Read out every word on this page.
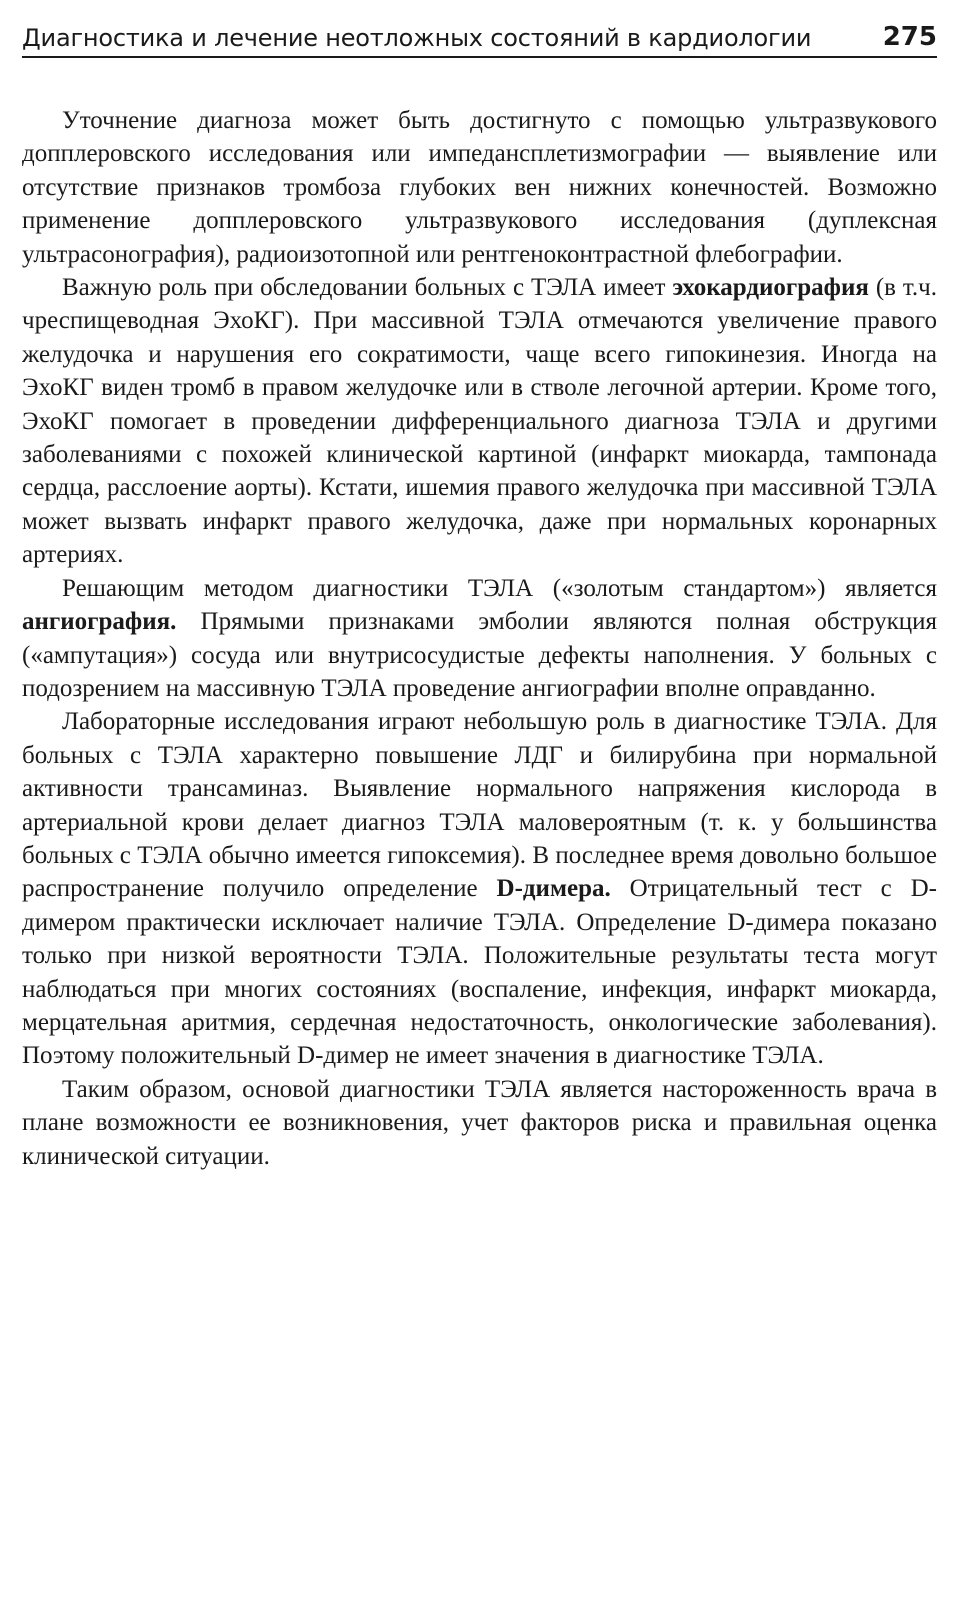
Диагностика и лечение неотложных состояний в кардиологии	275

Уточнение диагноза может быть достигнуто с помощью ультразвукового допплеровского исследования или импедансплетизмографии — выявление или отсутствие признаков тромбоза глубоких вен нижних конечностей. Возможно применение допплеровского ультразвукового исследования (дуплексная ультрасонография), радиоизотопной или рентгеноконтрастной флебографии.

Важную роль при обследовании больных с ТЭЛА имеет эхокардиография (в т.ч. чреспищеводная ЭхоКГ). При массивной ТЭЛА отмечаются увеличение правого желудочка и нарушения его сократимости, чаще всего гипокинезия. Иногда на ЭхоКГ виден тромб в правом желудочке или в стволе легочной артерии. Кроме того, ЭхоКГ помогает в проведении дифференциального диагноза ТЭЛА и другими заболеваниями с похожей клинической картиной (инфаркт миокарда, тампонада сердца, расслоение аорты). Кстати, ишемия правого желудочка при массивной ТЭЛА может вызвать инфаркт правого желудочка, даже при нормальных коронарных артериях.

Решающим методом диагностики ТЭЛА («золотым стандартом») является ангиография. Прямыми признаками эмболии являются полная обструкция («ампутация») сосуда или внутрисосудистые дефекты наполнения. У больных с подозрением на массивную ТЭЛА проведение ангиографии вполне оправданно.

Лабораторные исследования играют небольшую роль в диагностике ТЭЛА. Для больных с ТЭЛА характерно повышение ЛДГ и билирубина при нормальной активности трансаминаз. Выявление нормального напряжения кислорода в артериальной крови делает диагноз ТЭЛА маловероятным (т. к. у большинства больных с ТЭЛА обычно имеется гипоксемия). В последнее время довольно большое распространение получило определение D-димера. Отрицательный тест с D-димером практически исключает наличие ТЭЛА. Определение D-димера показано только при низкой вероятности ТЭЛА. Положительные результаты теста могут наблюдаться при многих состояниях (воспаление, инфекция, инфаркт миокарда, мерцательная аритмия, сердечная недостаточность, онкологические заболевания). Поэтому положительный D-димер не имеет значения в диагностике ТЭЛА.

Таким образом, основой диагностики ТЭЛА является настороженность врача в плане возможности ее возникновения, учет факторов риска и правильная оценка клинической ситуации.
